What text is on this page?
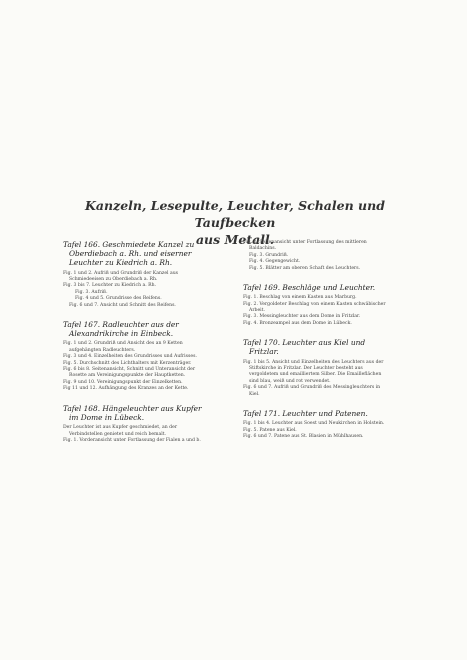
Kanzeln, Lesepulte, Leuchter, Schalen und Taufbecken
aus Metall.
Tafel 166. Geschmiedete Kanzel zu Oberdiebach a. Rh. und eiserner Leuchter zu Kiedrich a. Rh.

Fig. 1 und 2. Aufriß und Grundriß der Kanzel aus Schmiedeeisen zu Oberdiebach a. Rh.

Fig. 3 bis 7. Leuchter zu Kiedrich a. Rh.

Fig. 3. Aufriß.

Fig. 4 und 5. Grundrisse des Reifens.

Fig. 6 und 7. Ansicht und Schnitt des Reifens.

Tafel 167. Radleuchter aus der Alexandrikirche in Einbeck.

Fig. 1 und 2. Grundriß und Ansicht des an 9 Ketten aufgehängten Radleuchters.

Fig. 3 und 4. Einzelheiten des Grundrisses und Aufrisses.

Fig. 5. Durchschnitt des Lichthalters mit Kerzenträger.

Fig. 6 bis 8. Seitenansicht, Schnitt und Unteransicht der Rosette am Vereinigungspunkte der Hauptketten.

Fig. 9 und 10. Vereinigungspunkt der Einzelketten.

Fig 11 und 12. Aufhängung des Kranzes an der Kette.

Tafel 168. Hängeleuchter aus Kupfer im Dome in Lübeck.

Der Leuchter ist aus Kupfer geschmiedet, an der Verbindstellen genietet und reich bemalt.

Fig. 1. Vorderansicht unter Fortlassung der Fialen a und b.

Fig. 2. Seitenansicht unter Fortlassung des mittleren Baldachins.

Fig. 3. Grundriß.

Fig. 4. Gegengewicht.

Fig. 5. Blätter am oberen Schaft des Leuchters.

Tafel 169. Beschläge und Leuchter.

Fig. 1. Beschlag von einem Kasten aus Marburg.

Fig. 2. Vergoldeter Beschlag von einem Kasten schwäbischer Arbeit.

Fig. 3. Messingleuchter aus dem Dome in Fritzlar.

Fig. 4. Bronzeampel aus dem Dome in Lübeck.

Tafel 170. Leuchter aus Kiel und Fritzlar.

Fig. 1 bis 5. Ansicht und Einzelheiten des Leuchters aus der Stiftskirche in Fritzlar. Der Leuchter besteht aus vergoldetem und emailliertem Silber. Die Emailleflächen sind blau, weiß und rot verwendet.

Fig. 6 und 7. Aufriß und Grundriß des Messingleuchters in Kiel.

Tafel 171. Leuchter und Patenen.

Fig. 1 bis 4. Leuchter aus Soest und Neukirchen in Holstein.

Fig. 5. Patene aus Kiel.

Fig. 6 und 7. Patene aus St. Blasien in Mühlhausen.
